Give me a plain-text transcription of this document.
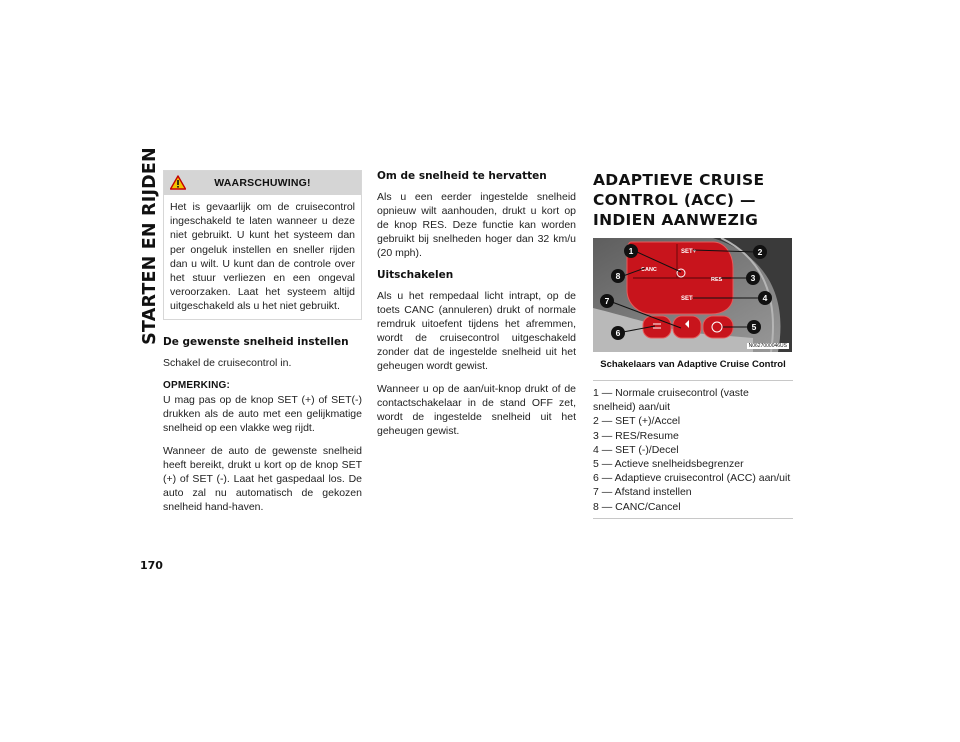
STARTEN EN RIJDEN
170
WAARSCHUWING!
Het is gevaarlijk om de cruisecontrol ingeschakeld te laten wanneer u deze niet gebruikt. U kunt het systeem dan per ongeluk instellen en sneller rijden dan u wilt. U kunt dan de controle over het stuur verliezen en een ongeval veroorzaken. Laat het systeem altijd uitgeschakeld als u het niet gebruikt.
De gewenste snelheid instellen

Schakel de cruisecontrol in.

OPMERKING:

U mag pas op de knop SET (+) of SET(-) drukken als de auto met een gelijkmatige snelheid op een vlakke weg rijdt.

Wanneer de auto de gewenste snelheid heeft bereikt, drukt u kort op de knop SET (+) of SET (-). Laat het gaspedaal los. De auto zal nu automatisch de gekozen snelheid hand-haven.

Om de snelheid te hervatten

Als u een eerder ingestelde snelheid opnieuw wilt aanhouden, drukt u kort op de knop RES. Deze functie kan worden gebruikt bij snelheden hoger dan 32 km/u (20 mph).

Uitschakelen

Als u het rempedaal licht intrapt, op de toets CANC (annuleren) drukt of normale remdruk uitoefent tijdens het afremmen, wordt de cruisecontrol uitgeschakeld zonder dat de ingestelde snelheid uit het geheugen wordt gewist.

Wanneer u op de aan/uit-knop drukt of de contactschakelaar in de stand OFF zet, wordt de ingestelde snelheid uit het geheugen gewist.

ADAPTIEVE CRUISE CONTROL (ACC) — INDIEN AANWEZIG
SET+
CANC
RES
SET-
1	2
3
4
5
6
7
8
N0627000046US
Schakelaars van Adaptive Cruise Control
1 — Normale cruisecontrol (vaste snelheid) aan/uit
2 — SET (+)/Accel
3 — RES/Resume
4 — SET (-)/Decel
5 — Actieve snelheidsbegrenzer
6 — Adaptieve cruisecontrol (ACC) aan/uit
7 — Afstand instellen
8 — CANC/Cancel
